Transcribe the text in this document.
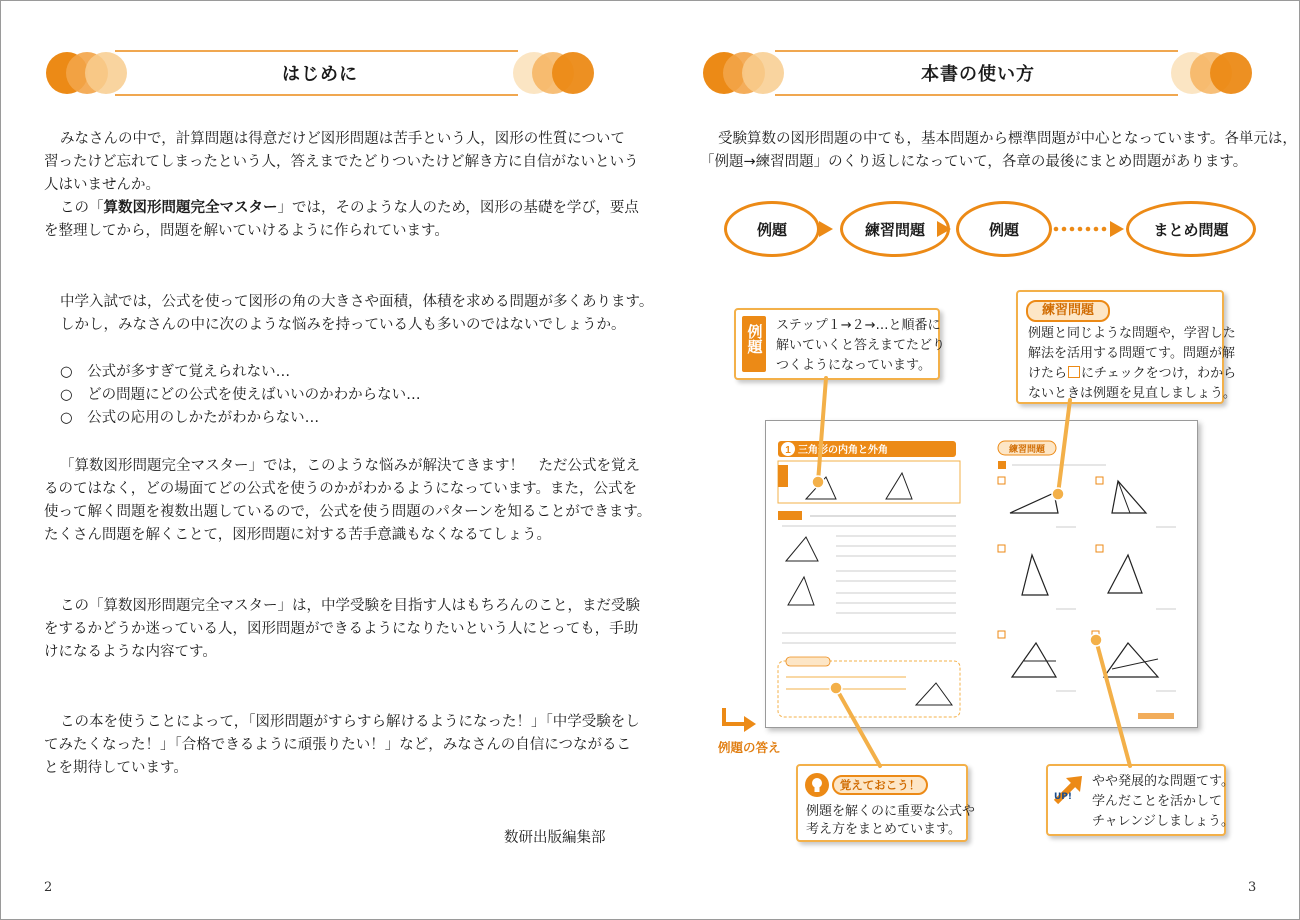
はじめに
みなさんの中で，計算問題は得意だけど図形問題は苦手という人，図形の性質について
習ったけど忘れてしまったという人，答えまでたどりついたけど解き方に自信がないという
人はいませんか。
この「算数図形問題完全マスター」では，そのような人のため，図形の基礎を学び，要点
を整理してから，問題を解いていけるように作られています。
中学入試では，公式を使って図形の角の大きさや面積，体積を求める問題が多くあります。
しかし，みなさんの中に次のような悩みを持っている人も多いのではないでしょうか。
○　 公式が多すぎて覚えられない…
○　 どの問題にどの公式を使えばいいのかわからない…
○　 公式の応用のしかたがわからない…
「算数図形問題完全マスター」では，このような悩みが解決てきます！　ただ公式を覚え
るのてはなく，どの場面てどの公式を使うのかがわかるようになっています。また，公式を
使って解く問題を複数出題しているので，公式を使う問題のパターンを知ることができます。
たくさん問題を解くことて，図形問題に対する苦手意識もなくなるてしょう。
この「算数図形問題完全マスター」は，中学受験を目指す人はもちろんのこと，まだ受験
をするかどうか迷っている人，図形問題ができるようになりたいという人にとっても，手助
けになるような内容てす。
この本を使うことによって，「図形問題がすらすら解けるようになった！」「中学受験をし
てみたくなった！」「合格できるように頑張りたい！」など，みなさんの自信につながるこ
とを期待しています。
数研出版編集部
2
本書の使い方
受験算数の図形問題の中ても，基本問題から標準問題が中心となっています。各単元は，
「例題→練習問題」のくり返しになっていて，各章の最後にまとめ問題があります。
例題	練習問題	例題	まとめ問題
例題 ステップ１→２→…と順番に
解いていくと答えまてたどり
つくようになっています。
練習問題
例題と同じような問題や，学習した
解法を活用する問題てす。問題が解
けたら にチェックをつけ，わから
ないときは例題を見直しましょう。
例題の答え
覚えておこう！
例題を解くのに重要な公式や
考え方をまとめています。
UP!
やや発展的な問題てす。
学んだことを活かして
チャレンジしましょう。
3
1 三角形の内角と外角	練習問題
